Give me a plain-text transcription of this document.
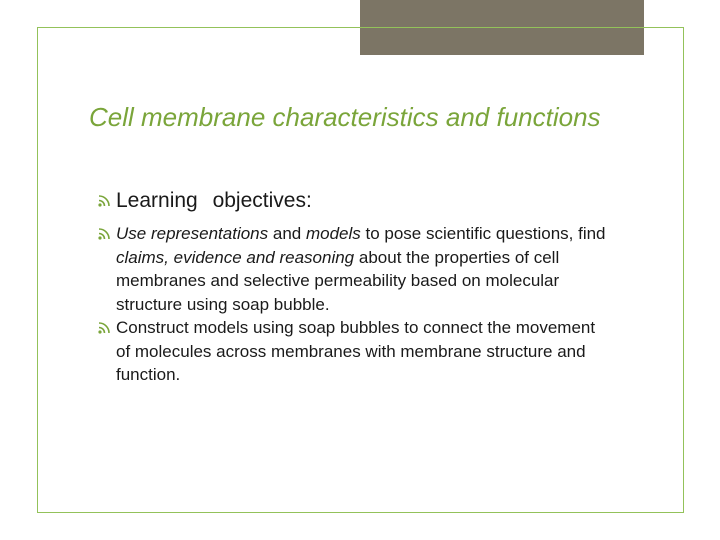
Cell membrane characteristics and functions
Learning objectives:
Use representations and models to pose scientific questions, find claims, evidence and reasoning about the properties of cell membranes and selective permeability based on molecular structure using soap bubble.
Construct models using soap bubbles to connect the movement of molecules across membranes with membrane structure and function.
